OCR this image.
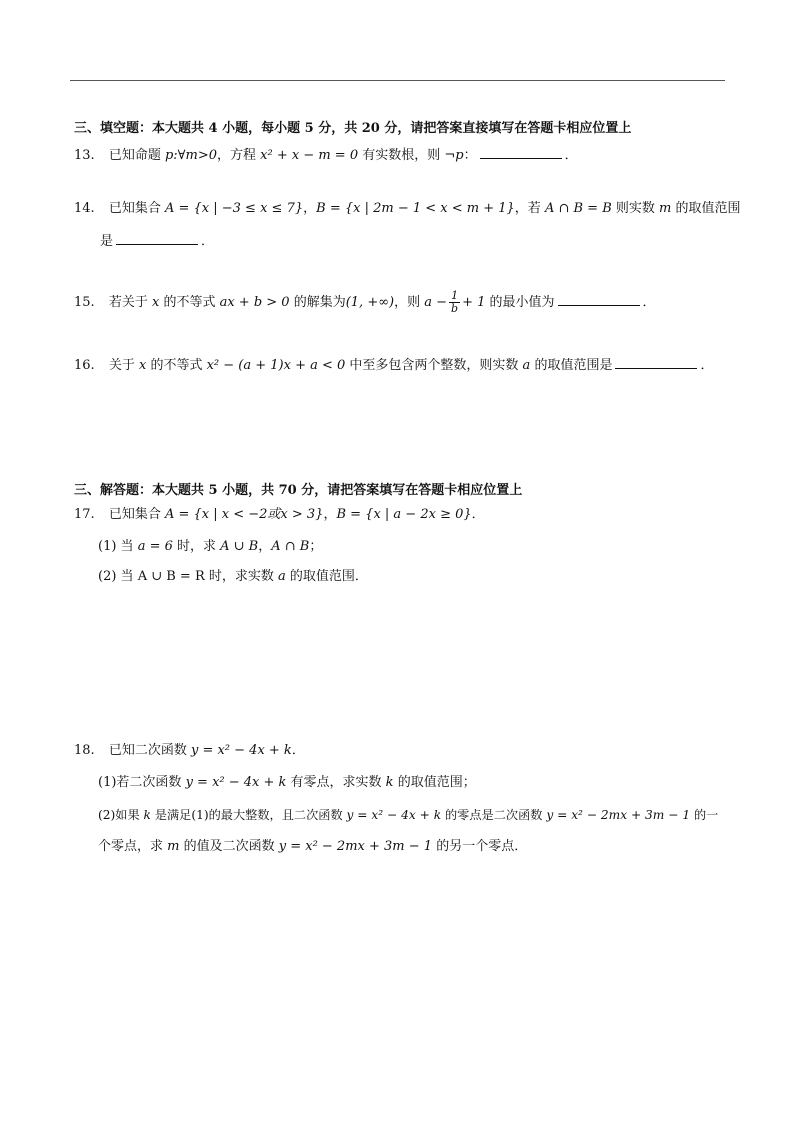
三、填空题：本大题共 4 小题，每小题 5 分，共 20 分，请把答案直接填写在答题卡相应位置上
13. 已知命题 p:∀m>0，方程 x² + x − m = 0 有实数根，则 ¬p：	．
14. 已知集合 A = {x | −3 ≤ x ≤ 7}，B = {x | 2m − 1 < x < m + 1}，若 A ∩ B = B 则实数 m 的取值范围
是	．
15. 若关于 x 的不等式 ax + b > 0 的解集为(1, +∞)，则 $a - \frac{1}{b} + 1$ 的最小值为	．
16. 关于 x 的不等式 x² − (a + 1)x + a < 0 中至多包含两个整数，则实数 a 的取值范围是	．
三、解答题：本大题共 5 小题，共 70 分，请把答案填写在答题卡相应位置上
17. 已知集合 A = {x | x < −2或x > 3}，B = {x | a − 2x ≥ 0}．
(1) 当 a = 6 时，求 A ∪ B，A ∩ B；
(2) 当 A ∪ B = R 时，求实数 a 的取值范围．
18. 已知二次函数 y = x² − 4x + k．
(1)若二次函数 y = x² − 4x + k 有零点，求实数 k 的取值范围；
(2)如果 k 是满足(1)的最大整数，且二次函数 y = x² − 4x + k 的零点是二次函数 y = x² − 2mx + 3m − 1 的一
个零点，求 m 的值及二次函数 y = x² − 2mx + 3m − 1 的另一个零点．
